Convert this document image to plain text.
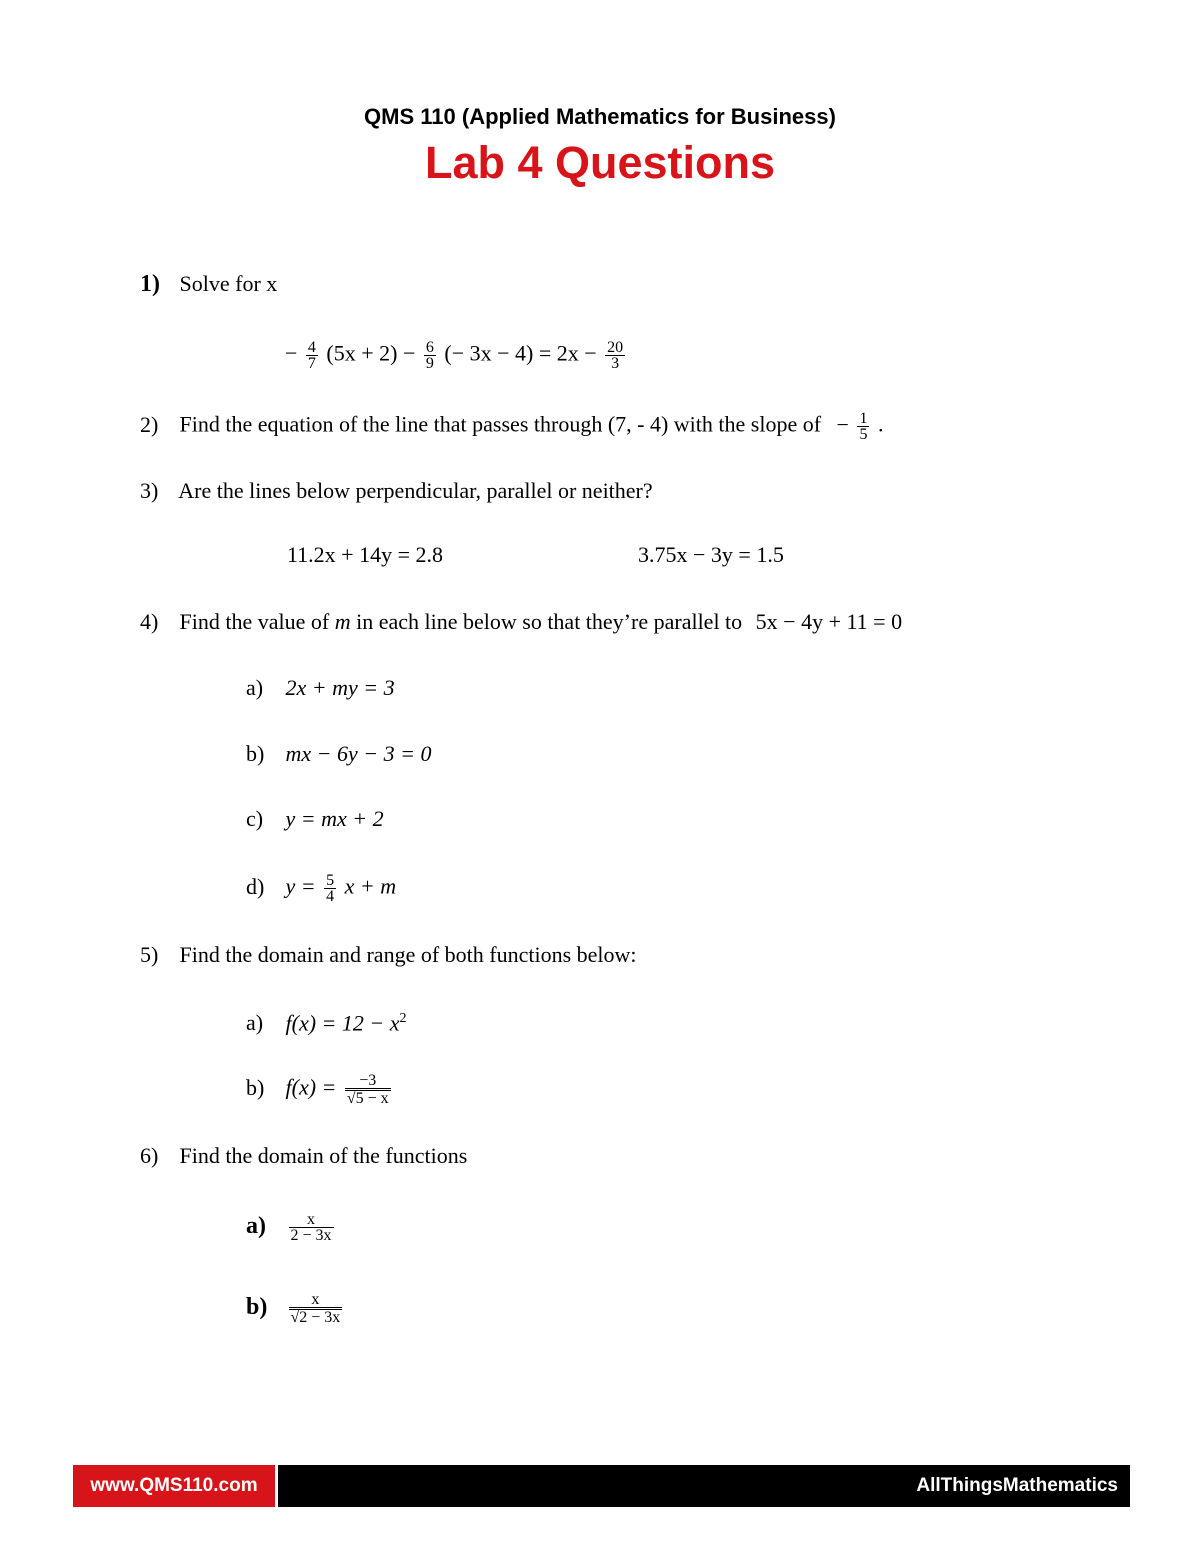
QMS 110 (Applied Mathematics for Business)
Lab 4 Questions
1) Solve for x
− $\frac{4}{7} (5x + 2) - \frac{6}{9}$ (− $3x - 4) = 2x - \frac{20}{3}$
2) Find the equation of the line that passes through (7, - 4) with the slope of − $\frac{1}{5}$ .
3) Are the lines below perpendicular, parallel or neither?
11.2x + 14y = 2.8	3.75x − 3y = 1.5
4) Find the value of m in each line below so that they’re parallel to 5x − 4y + 11 = 0
a) 2x + my = 3
b) mx − 6y − 3 = 0
c) y = mx + 2
d) $y = \frac{5}{4}$ x + m
5) Find the domain and range of both functions below:
a) $f(x) = 12 - x^2$
b) $f(x) = \frac{-3}{√5 - x}$
6) Find the domain of the functions
$a) \frac{x}{2 - 3x}$
$b) \frac{x}{√2 - 3x}$
www.QMS110.com	AllThingsMathematics
